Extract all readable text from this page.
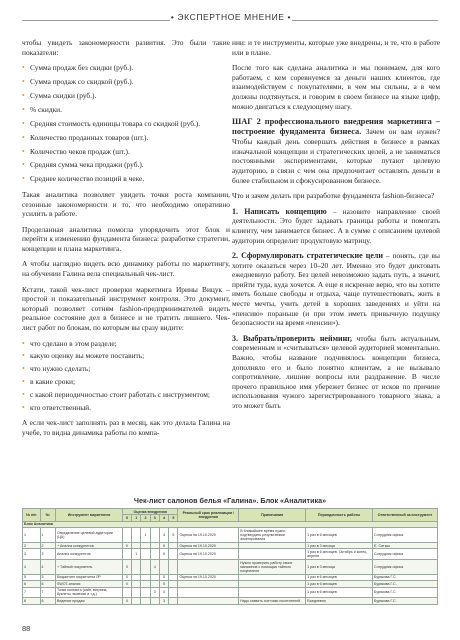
• ЭКСПЕРТНОЕ МНЕНИЕ •

чтобы увидеть закономерности развития. Это были такие показатели:

• Сумма продаж без скидки (руб.).
• Сумма продаж со скидкой (руб.).
• Сумма скидки (руб.).
• % скидки.
• Средняя стоимость единицы товара со скидкой (руб.).
• Количество проданных товаров (шт.).
• Количество чеков продаж (шт.).
• Средняя сумма чека продажи (руб.).
• Среднее количество позиций в чеке.

Такая аналитика позволяет увидеть точки роста компании, сезонные закономерности и то, что необходимо оперативно усилить в работе.

Проделанная аналитика помогла упорядочить этот блок и перейти к изменению фундамента бизнеса: разработке стратегии, концепции и плана маркетинга.

А чтобы наглядно видеть всю динамику работы по маркетингу, на обучении Галина вела специальный чек-лист.

Кстати, такой чек-лист проверки маркетинга Ирины Вицук – простой и показательный инструмент контроля. Это документ, который позволяет сотням fashion-предпринимателей видеть реальное состояние дел в бизнесе и не тратить лишнего. Чек-лист работ по блокам, по которым вы сразу видите:

• что сделано в этом разделе;
• какую оценку вы можете поставить;
• что нужно сделать;
• в какие сроки;
• с какой периодичностью стоит работать с инструментом;
• кто ответственный.

А если чек-лист заполнять раз в месяц, как это делала Галина на учебе, то видна динамика работы по компа-

нии: и те инструменты, которые уже внедрены, и те, что в работе или в плане.

После того как сделана аналитика и мы понимаем, для кого работаем, с кем соревнуемся за деньги наших клиентов, где взаимодействуем с покупателями, в чем мы сильны, а в чем должны подтянуться, и говорим в своем бизнесе на языке цифр, можно двигаться к следующему шагу.

ШАГ 2 профессионального внедрения маркетинга – построение фундамента бизнеса. Зачем он вам нужен? Чтобы каждый день совершать действия в бизнесе в рамках изначальной концепции и стратегических целей, а не заниматься постоянными экспериментами, которые путают целевую аудиторию, в связи с чем она предпочитает оставлять деньги в более стабильном и сфокусированном бизнесе.

Что и зачем делать при разработке фундамента fashion-бизнеса?

1. Написать концепцию – назовите направление своей деятельности. Это будет задавать границы работы и помогать клиенту, чем занимается бизнес. А в сумме с описанием целевой аудитории определит продуктовую матрицу.

2. Сформулировать стратегические цели – понять, где вы хотите оказаться через 10–20 лет. Именно это будет диктовать ежедневную работу. Без целей невозможно задать путь, а значит, прийти туда, куда хочется. А еще я искренне верю, что вы хотите иметь больше свободы и отдыха, чаще путешествовать, жить в месте мечты, учить детей в хороших заведениях и уйти на «пенсию» пораньше (и при этом иметь привычную подушку безопасности на время «пенсии»).

3. Выбрать/проверить нейминг, чтобы быть актуальным, современным и «считываться» целевой аудиторией моментально. Важно, чтобы название подчинялось концепции бизнеса, дополняло его и было понятно клиентам, а не вызывало сопротивление, лишние вопросы или раздражение. В числе прочего правильное имя убережет бизнес от исков по причине использования чужого зарегистрированного товарного знака, а это может быть

Чек-лист салонов белья «Галина». Блок «Аналитика»
№ п/п	№	Инструмент маркетинга	Оценка внедрения						Реальный срок реализации / внедрения	Примечания	Периодичность работы	Ответственный за инструмент
			0	1	2	3	4	5				
Блок Аналитика												
1	1	Определение целевой аудитории (ЦА)			1		4	5	Оценка на 19.10.2020	В ближайшее время нужно подтвердить результатами анкетирования	1 раз в 6 месяцев	Сотрудник офиса
2	2	+ Анализ конкурентов	0				5		Оценка на 19.10.2020		1 раз в 3 месяца	Е. Ситько
3	3	Анализ конкурентов		1			5		Оценка на 19.10.2020		1 раз в 6 месяцев, Октябрь и конец апреля	Сотрудник офиса
4	4	+ Тайный покупатель	0			4				Нужно проверить работу своих магазинов с помощью тайного покупателя	1 раз в 3 месяца	Сотрудник офиса
5	5	Бюджетинг маркетинга ЛР	0				5		Оценка на 19.10.2020		1 раз в 6 месяцев	Бурякова Г.С.
6	6	SWOT-анализ	0				5				1 раз в 6 месяцев	Бурякова Г.С.
7	7	Точки контакта (сайт, витрина, буклеты, вывески и т.д.)				3	4				1 раз в 6 месяцев	Бурякова Г.С.
8	8	Ведение продаж	0				3			Надо ставить счетчики посетителей	Ежедневно	Бурякова Г.С.
88
